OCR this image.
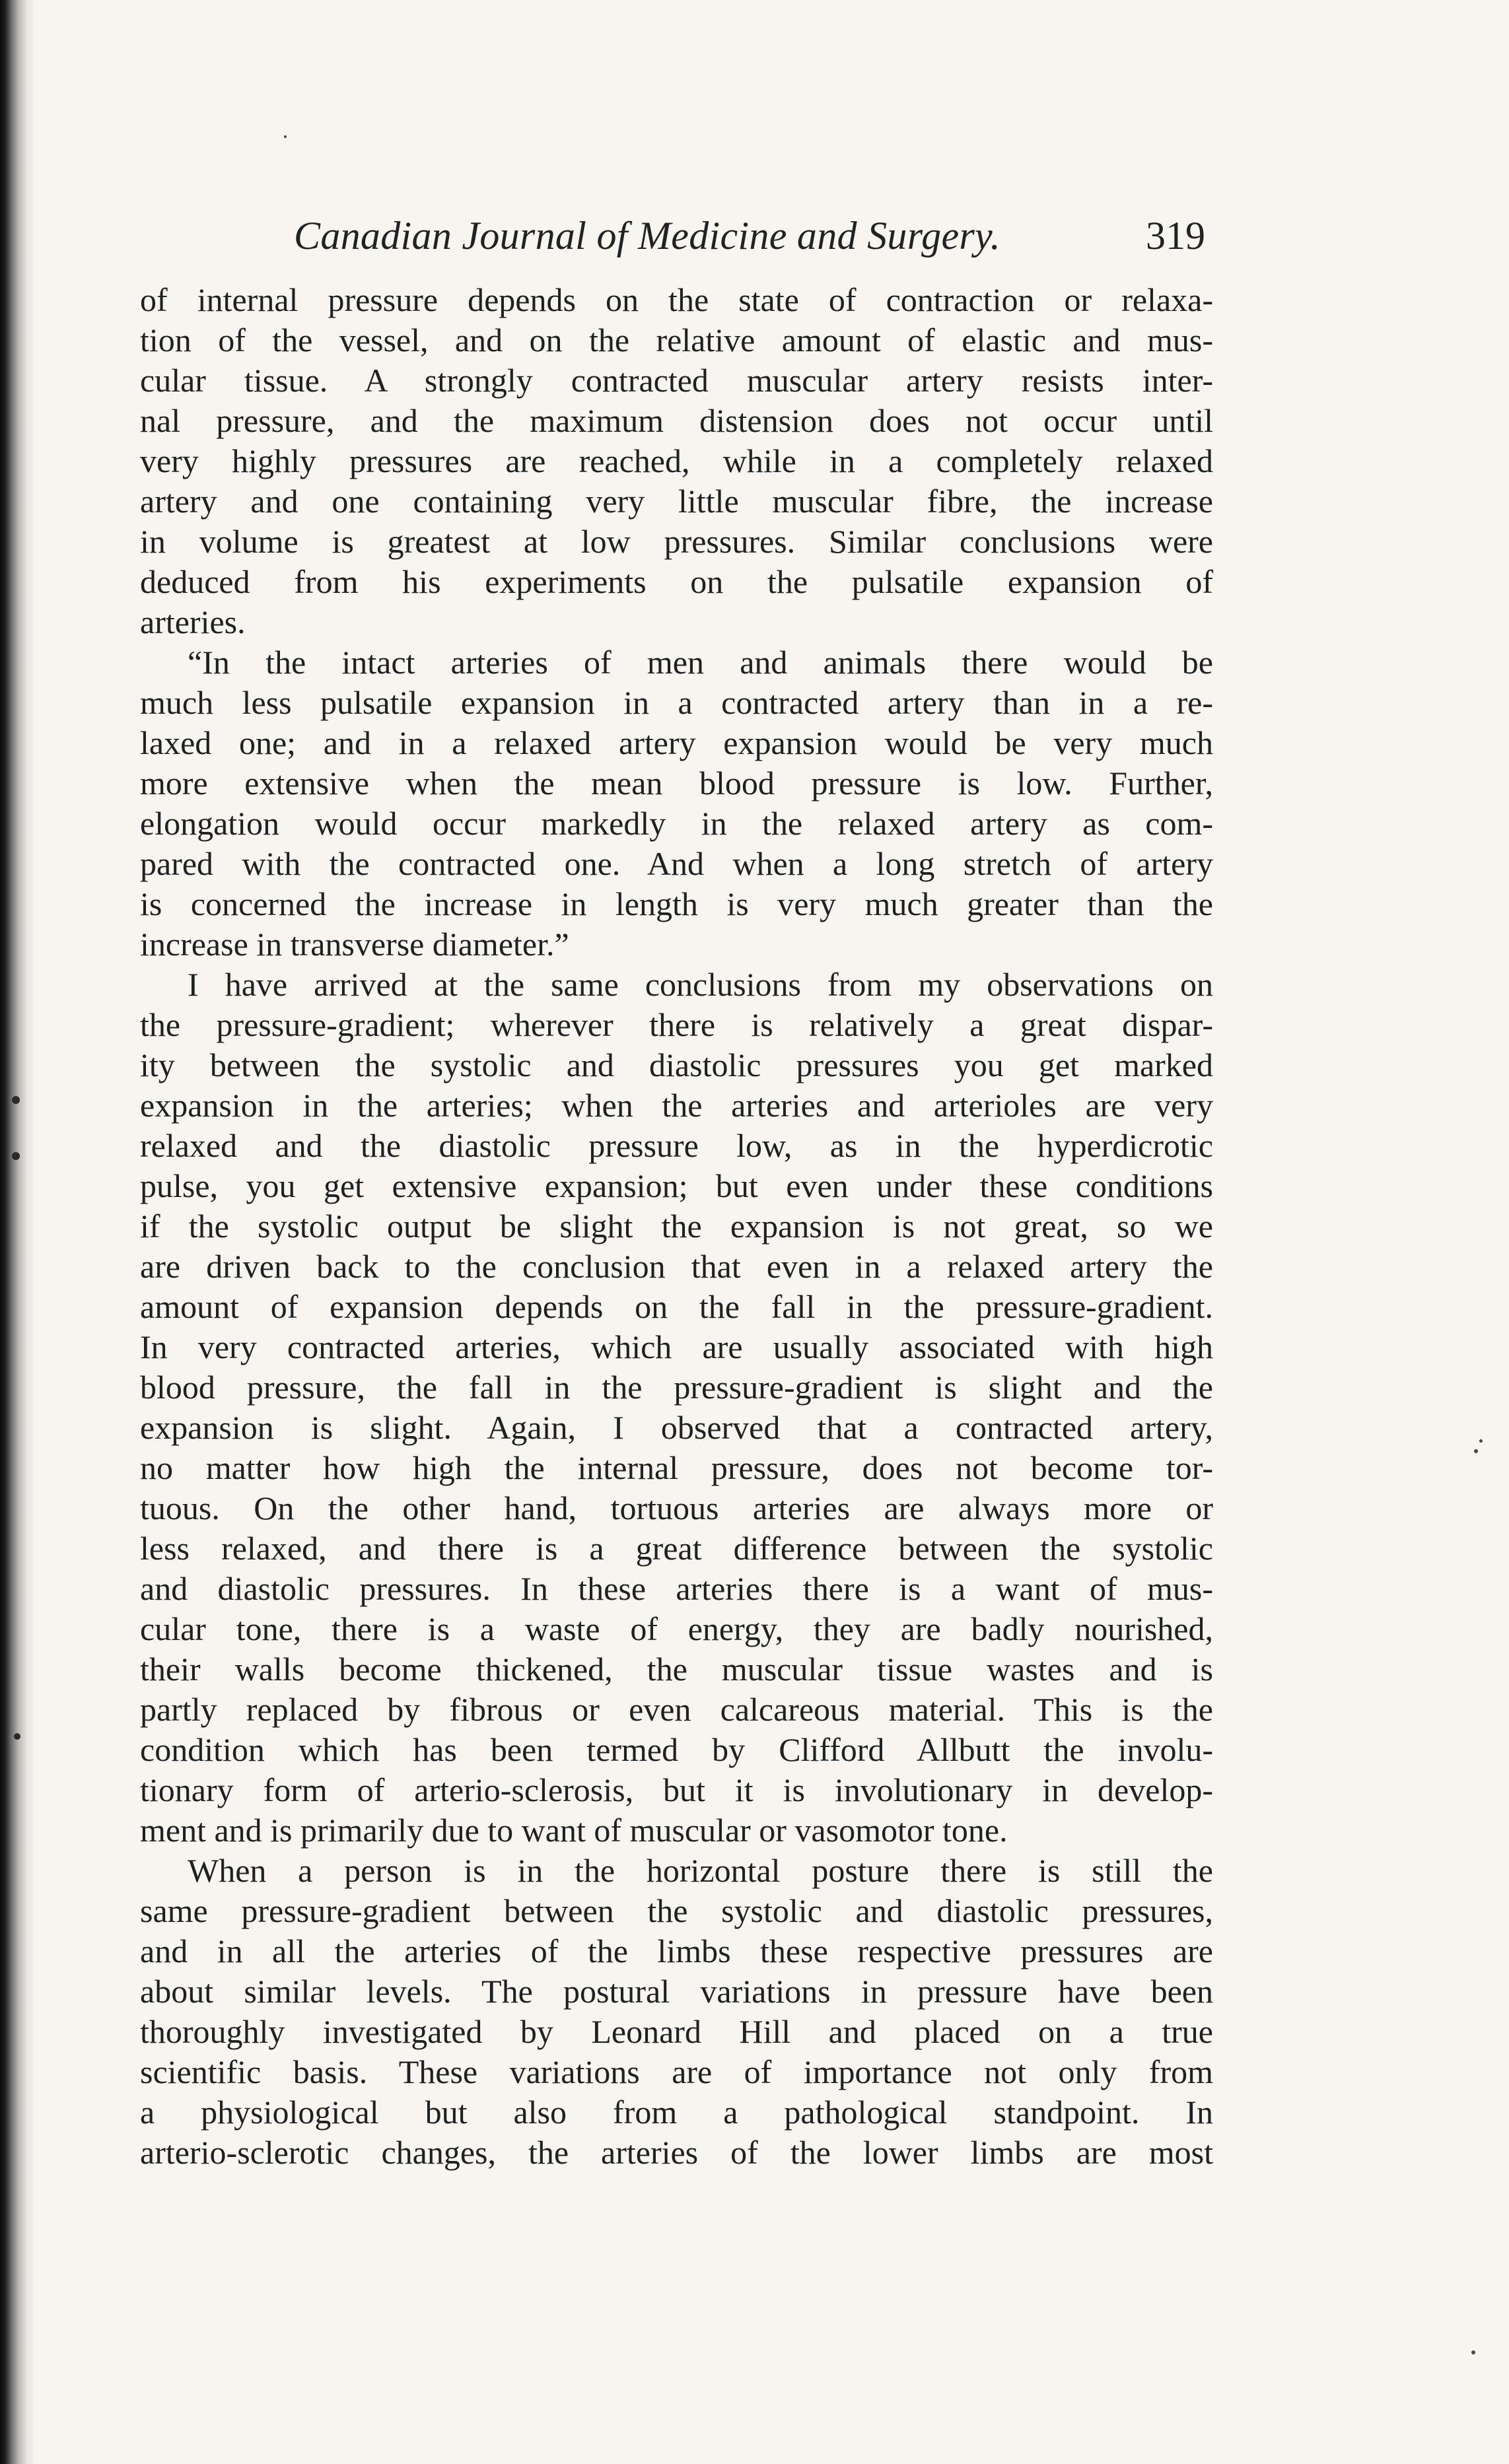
Canadian Journal of Medicine and Surgery.	319
of internal pressure depends on the state of contraction or relaxa-
tion of the vessel, and on the relative amount of elastic and mus-
cular tissue. A strongly contracted muscular artery resists inter-
nal pressure, and the maximum distension does not occur until
very highly pressures are reached, while in a completely relaxed
artery and one containing very little muscular fibre, the increase
in volume is greatest at low pressures. Similar conclusions were
deduced from his experiments on the pulsatile expansion of
arteries.
“In the intact arteries of men and animals there would be
much less pulsatile expansion in a contracted artery than in a re-
laxed one; and in a relaxed artery expansion would be very much
more extensive when the mean blood pressure is low. Further,
elongation would occur markedly in the relaxed artery as com-
pared with the contracted one. And when a long stretch of artery
is concerned the increase in length is very much greater than the
increase in transverse diameter.”
I have arrived at the same conclusions from my observations on
the pressure-gradient; wherever there is relatively a great dispar-
ity between the systolic and diastolic pressures you get marked
expansion in the arteries; when the arteries and arterioles are very
relaxed and the diastolic pressure low, as in the hyperdicrotic
pulse, you get extensive expansion; but even under these conditions
if the systolic output be slight the expansion is not great, so we
are driven back to the conclusion that even in a relaxed artery the
amount of expansion depends on the fall in the pressure-gradient.
In very contracted arteries, which are usually associated with high
blood pressure, the fall in the pressure-gradient is slight and the
expansion is slight. Again, I observed that a contracted artery,
no matter how high the internal pressure, does not become tor-
tuous. On the other hand, tortuous arteries are always more or
less relaxed, and there is a great difference between the systolic
and diastolic pressures. In these arteries there is a want of mus-
cular tone, there is a waste of energy, they are badly nourished,
their walls become thickened, the muscular tissue wastes and is
partly replaced by fibrous or even calcareous material. This is the
condition which has been termed by Clifford Allbutt the involu-
tionary form of arterio-sclerosis, but it is involutionary in develop-
ment and is primarily due to want of muscular or vasomotor tone.
When a person is in the horizontal posture there is still the
same pressure-gradient between the systolic and diastolic pressures,
and in all the arteries of the limbs these respective pressures are
about similar levels. The postural variations in pressure have been
thoroughly investigated by Leonard Hill and placed on a true
scientific basis. These variations are of importance not only from
a physiological but also from a pathological standpoint. In
arterio-sclerotic changes, the arteries of the lower limbs are most
